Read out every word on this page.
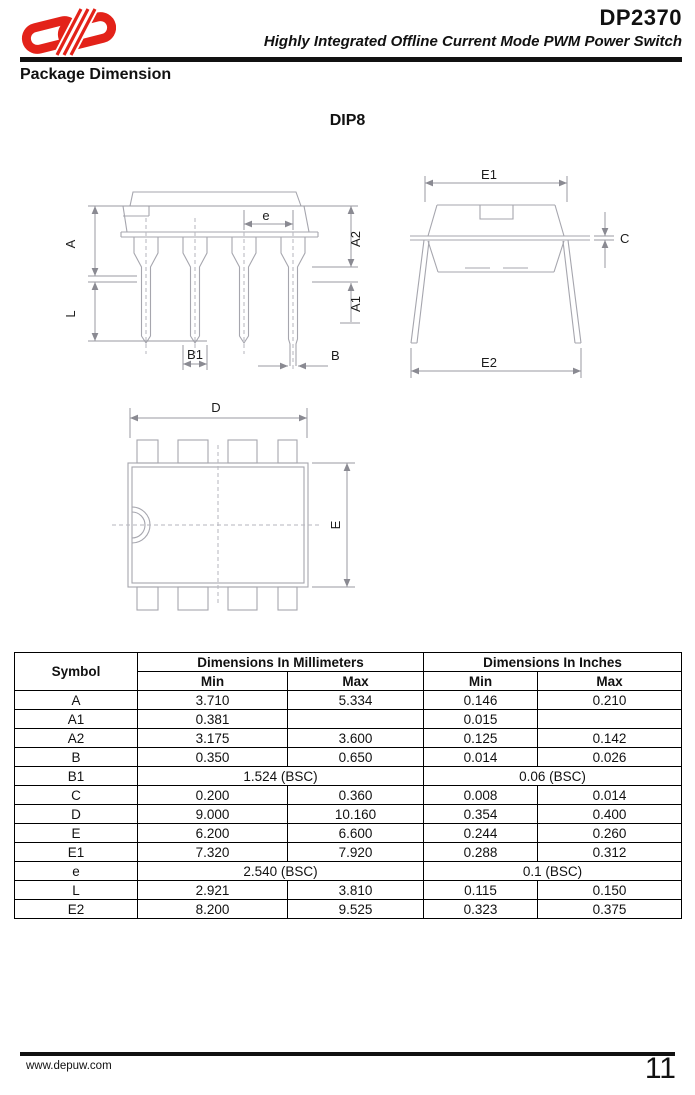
DP2370
Highly Integrated Offline Current Mode PWM Power Switch
Package Dimension
DIP8
A
L
e
A2
A1
B1	B
E1
C
E2
D
E
Symbol	Dimensions In Millimeters		Dimensions In Inches	
	Min	Max	Min	Max
A	3.710	5.334	0.146	0.210
A1	0.381		0.015	
A2	3.175	3.600	0.125	0.142
B	0.350	0.650	0.014	0.026
B1	1.524 (BSC)		0.06 (BSC)	
C	0.200	0.360	0.008	0.014
D	9.000	10.160	0.354	0.400
E	6.200	6.600	0.244	0.260
E1	7.320	7.920	0.288	0.312
e	2.540 (BSC)		0.1 (BSC)	
L	2.921	3.810	0.115	0.150
E2	8.200	9.525	0.323	0.375
www.depuw.com	11
